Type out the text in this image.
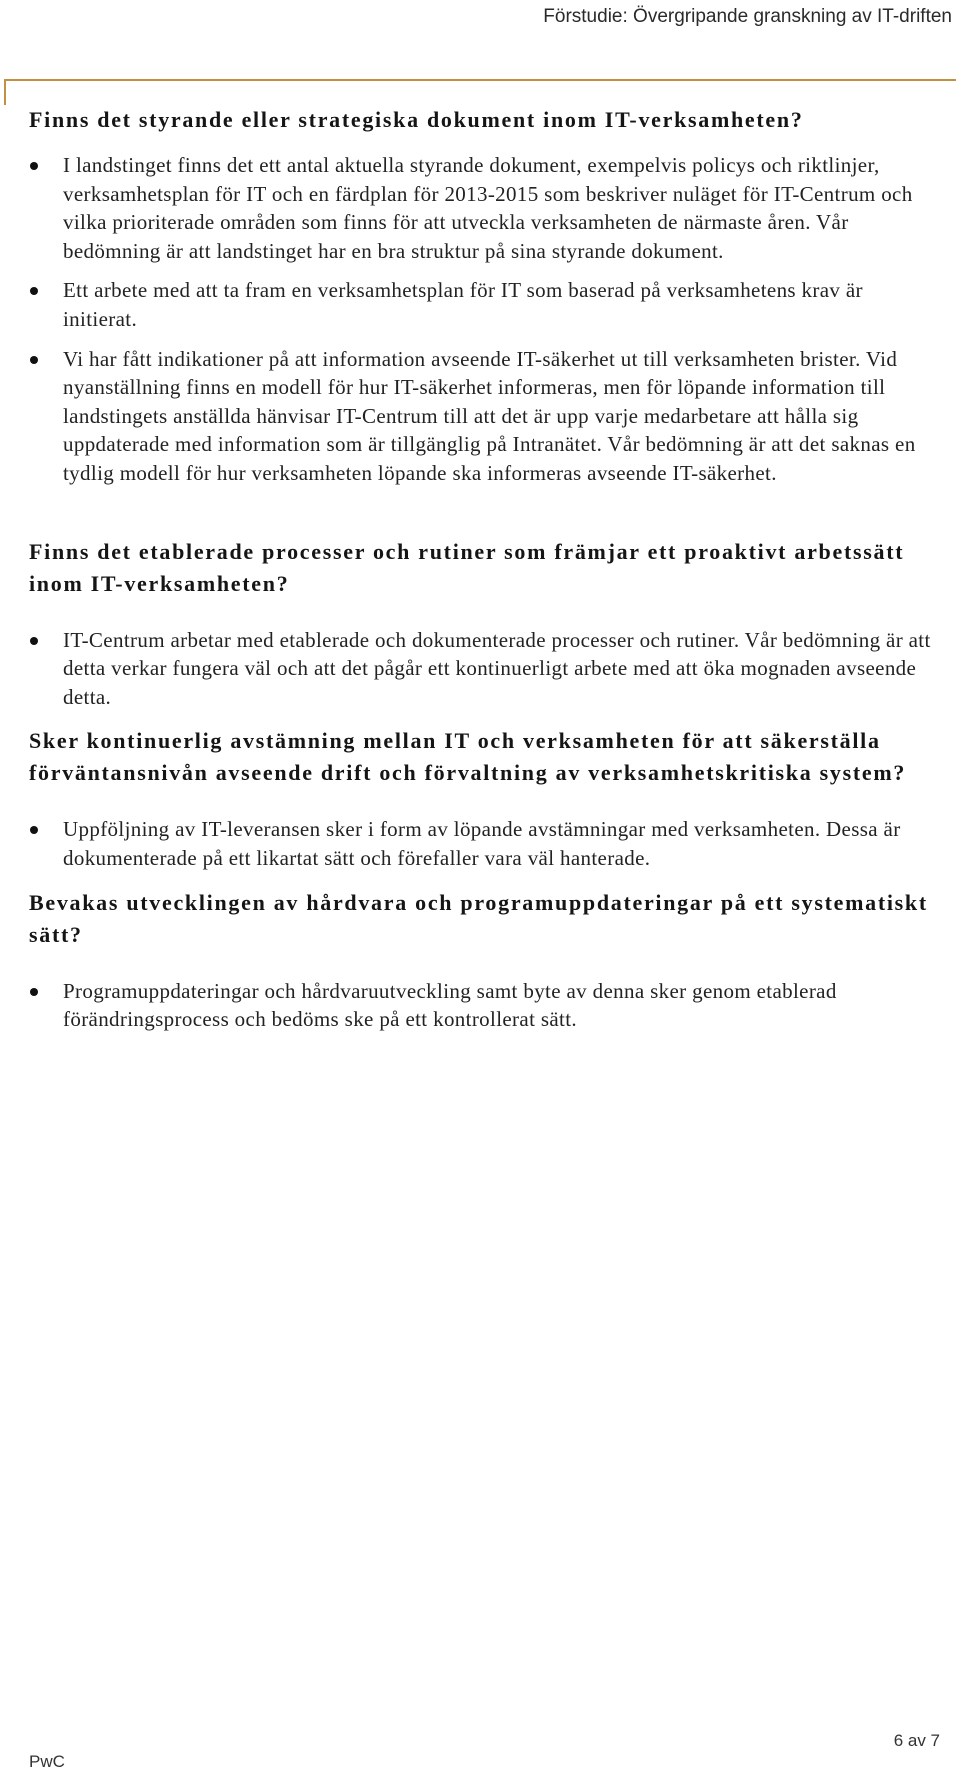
Förstudie: Övergripande granskning av IT-driften
Finns det styrande eller strategiska dokument inom IT-verksamheten?
I landstinget finns det ett antal aktuella styrande dokument, exempelvis policys och riktlinjer, verksamhetsplan för IT och en färdplan för 2013-2015 som beskriver nuläget för IT-Centrum och vilka prioriterade områden som finns för att utveckla verksamheten de närmaste åren. Vår bedömning är att landstinget har en bra struktur på sina styrande dokument.
Ett arbete med att ta fram en verksamhetsplan för IT som baserad på verksamhetens krav är initierat.
Vi har fått indikationer på att information avseende IT-säkerhet ut till verksamheten brister. Vid nyanställning finns en modell för hur IT-säkerhet informeras, men för löpande information till landstingets anställda hänvisar IT-Centrum till att det är upp varje medarbetare att hålla sig uppdaterade med information som är tillgänglig på Intranätet. Vår bedömning är att det saknas en tydlig modell för hur verksamheten löpande ska informeras avseende IT-säkerhet.
Finns det etablerade processer och rutiner som främjar ett proaktivt arbetssätt inom IT-verksamheten?
IT-Centrum arbetar med etablerade och dokumenterade processer och rutiner. Vår bedömning är att detta verkar fungera väl och att det pågår ett kontinuerligt arbete med att öka mognaden avseende detta.
Sker kontinuerlig avstämning mellan IT och verksamheten för att säkerställa förväntansnivån avseende drift och förvaltning av verksamhetskritiska system?
Uppföljning av IT-leveransen sker i form av löpande avstämningar med verksamheten. Dessa är dokumenterade på ett likartat sätt och förefaller vara väl hanterade.
Bevakas utvecklingen av hårdvara och programuppdateringar på ett systematiskt sätt?
Programuppdateringar och hårdvaruutveckling samt byte av denna sker genom etablerad förändringsprocess och bedöms ske på ett kontrollerat sätt.
6 av 7
PwC
